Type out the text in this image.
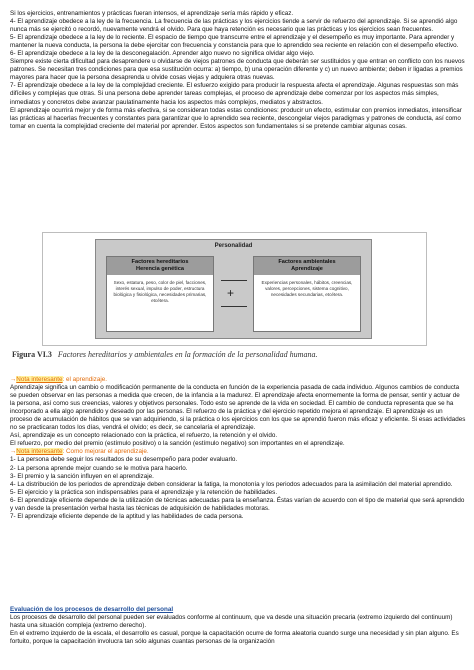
Si los ejercicios, entrenamientos y prácticas fueran intensos, el aprendizaje sería más rápido y eficaz.

4- El aprendizaje obedece a la ley de la frecuencia. La frecuencia de las prácticas y los ejercicios tiende a servir de refuerzo del aprendizaje. Si se aprendió algo nunca más se ejercitó o recordó, nuevamente vendrá el olvido. Para que haya retención es necesario que las prácticas y los ejercicios sean frecuentes.

5- El aprendizaje obedece a la ley de lo reciente. El espacio de tiempo que transcurre entre el aprendizaje y el desempeño es muy importante. Para aprender y mantener la nueva conducta, la persona la debe ejercitar con frecuencia y constancia para que lo aprendido sea reciente en relación con el desempeño efectivo.

6- El aprendizaje obedece a la ley de la desconegalación. Aprender algo nuevo no significa olvidar algo viejo.

Siempre existe cierta dificultad para desaprendere u olvidarse de viejos patrones de conducta que deberán ser sustituidos y que entran en conflicto con los nuevos patrones. Se necesitan tres condiciones para que esa sustitución ocurra: a) tiempo, b) una operación diferente y c) un nuevo ambiente; deben ir ligadas a premios mayores para hacer que la persona desaprenda u olvide cosas viejas y adquiera otras nuevas.

7- El aprendizaje obedece a la ley de la complejidad creciente. El esfuerzo exigido para producir la respuesta afecta el aprendizaje. Algunas respuestas son más difíciles y complejas que otras. Si una persona debe aprender tareas complejas, el proceso de aprendizaje debe comenzar por los aspectos más simples, inmediatos y concretos debe avanzar paulatinamente hacia los aspectos más complejos, mediatos y abstractos.

El aprendizaje ocurrirá mejor y de forma más efectiva, si se consideran todas estas condiciones: producir un efecto, estimular con premios inmediatos, intensificar las prácticas al hacerlas frecuentes y constantes para garantizar que lo aprendido sea reciente, descongelar viejos paradigmas y patrones de conducta, así como tomar en cuenta la complejidad creciente del material por aprender. Estos aspectos son fundamentales si se pretende cambiar algunas cosas.

Personalidad
Factores hereditarios
Herencia genética
Sexo, estatura, peso, color de piel, facciones, interés sexual, impulso de poder, estructura biológica y fisiológica, necesidades primarias, etcétera.
+
Factores ambientales
Aprendizaje
Experiencias personales, hábitos, creencias, valores, percepciones, sistema cognitivo, necesidades secundarias, etcétera.
Figura VI.3 Factores hereditarios y ambientales en la formación de la personalidad humana.

→Nota interesante: el aprendizaje.

Aprendizaje significa un cambio o modificación permanente de la conducta en función de la experiencia pasada de cada individuo. Algunos cambios de conducta se pueden observar en las personas a medida que crecen, de la infancia a la madurez. El aprendizaje afecta enormemente la forma de pensar, sentir y actuar de la persona, así como sus creencias, valores y objetivos personales. Todo esto se aprende de la vida en sociedad. El cambio de conducta representa que se ha incorporado a ella algo aprendido y deseado por las personas. El refuerzo de la práctica y del ejercicio repetido mejora el aprendizaje. El aprendizaje es un proceso de acumulación de hábitos que se van adquiriendo, si la práctica o los ejercicios con los que se aprendió fueron más eficaz y eficiente. Si esas actividades no se practicaran todos los días, vendrá el olvido; es decir, se cancelaría el aprendizaje.

Así, aprendizaje es un concepto relacionado con la práctica, el refuerzo, la retención y el olvido.

El refuerzo, por medio del premio (estímulo positivo) o la sanción (estímulo negativo) son importantes en el aprendizaje.

→Nota interesante: Como mejorar el aprendizaje.

1- La persona debe seguir los resultados de su desempeño para poder evaluarlo.

2- La persona aprende mejor cuando se le motiva para hacerlo.

3- El premio y la sanción influyen en el aprendizaje.

4- La distribución de los periodos de aprendizaje deben considerar la fatiga, la monotonía y los periodos adecuados para la asimilación del material aprendido.

5- El ejercicio y la práctica son indispensables para el aprendizaje y la retención de habilidades.

6- El aprendizaje eficiente depende de la utilización de técnicas adecuadas para la enseñanza. Éstas varían de acuerdo con el tipo de material que será aprendido y van desde la presentación verbal hasta las técnicas de adquisición de habilidades motoras.

7- El aprendizaje eficiente depende de la aptitud y las habilidades de cada persona.

Evaluación de los procesos de desarrollo del personal

Los procesos de desarrollo del personal pueden ser evaluados conforme al continuum, que va desde una situación precaria (extremo izquierdo del continuum) hasta una situación compleja (extremo derecho).

En el extremo izquierdo de la escala, el desarrollo es casual, porque la capacitación ocurre de forma aleatoria cuando surge una necesidad y sin plan alguno. Es fortuito, porque la capacitación involucra tan sólo algunas cuantas personas de la organización
